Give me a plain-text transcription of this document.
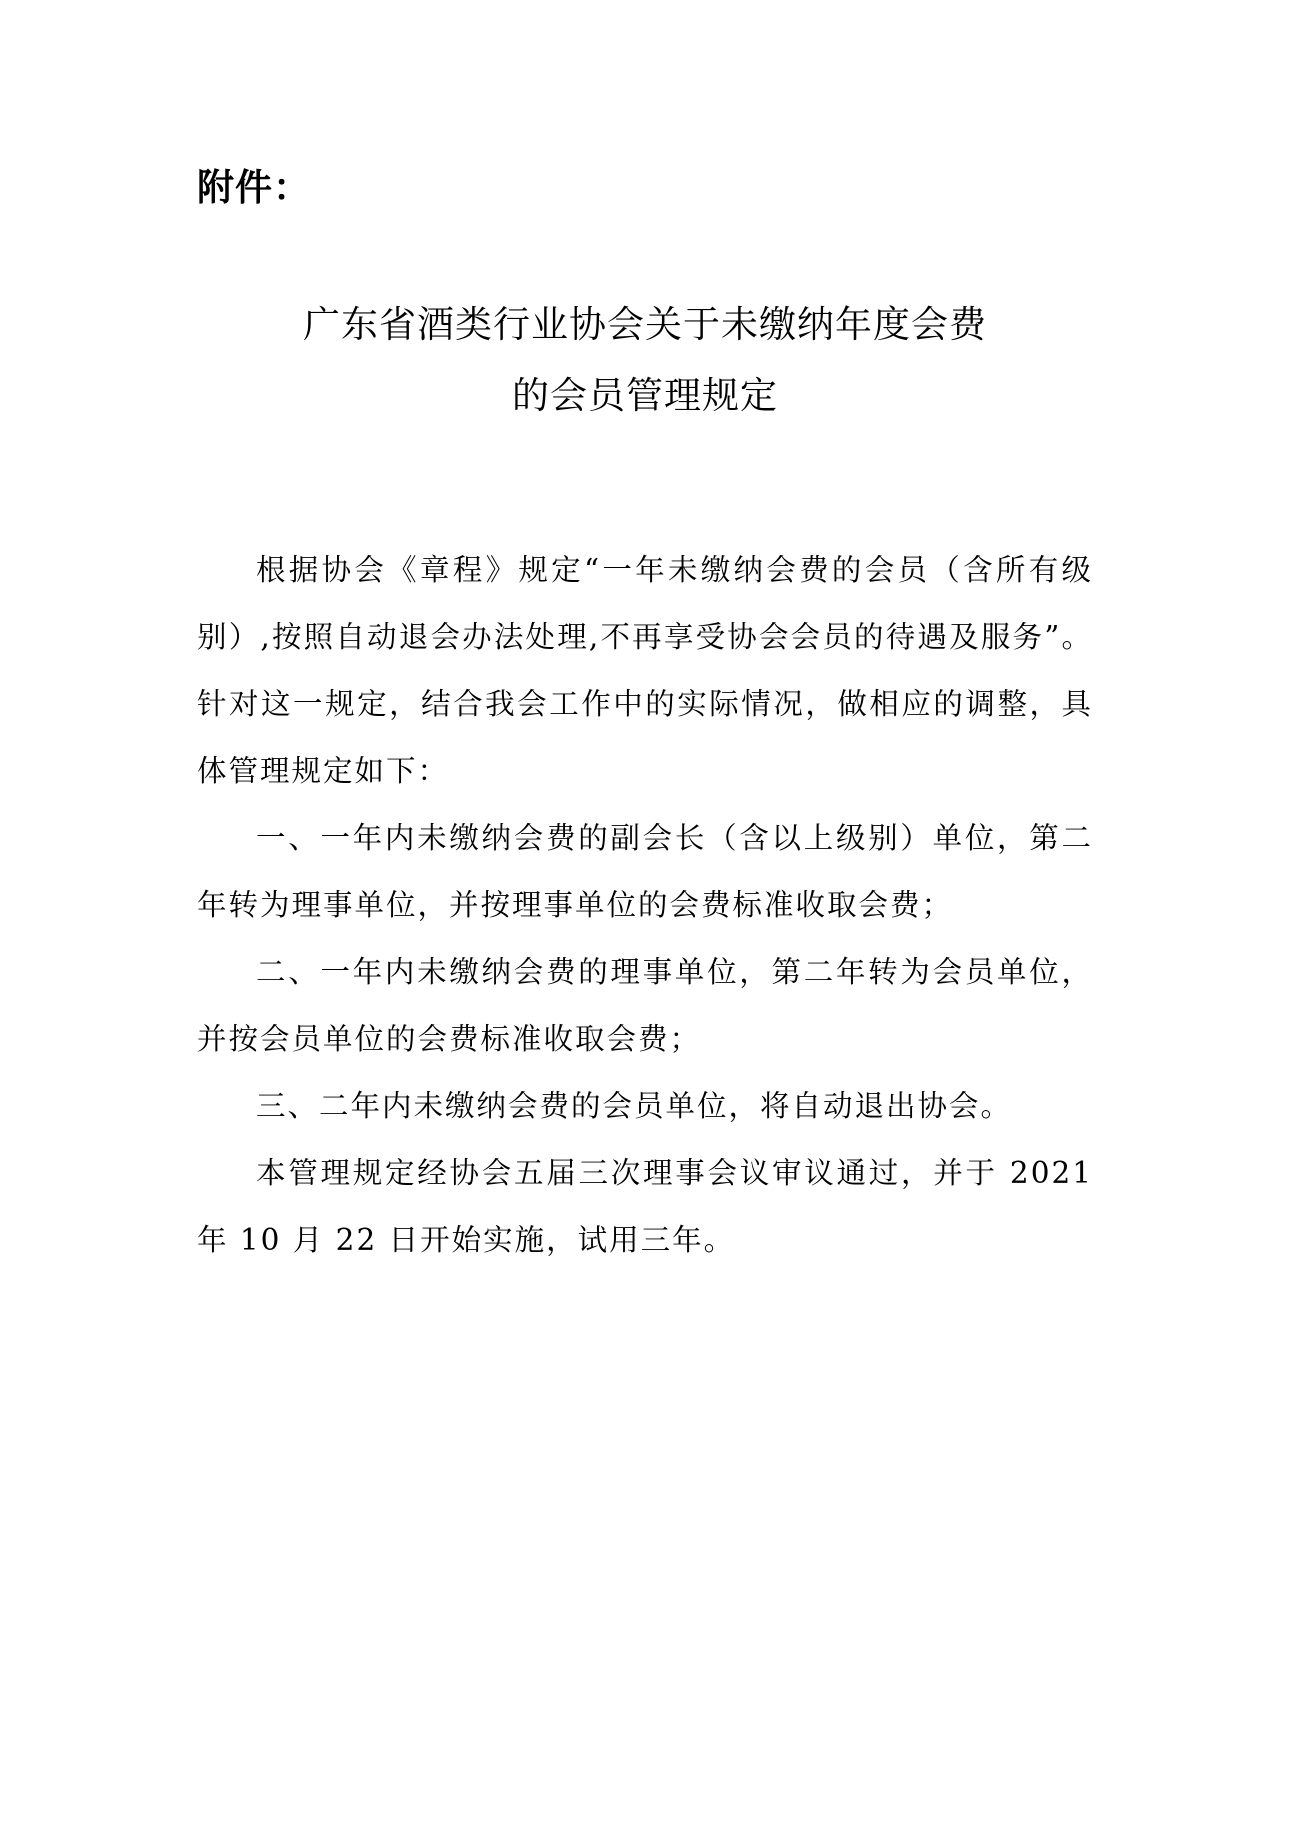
附件：
广东省酒类行业协会关于未缴纳年度会费
的会员管理规定

根据协会《章程》规定“一年未缴纳会费的会员（含所有级别）,按照自动退会办法处理,不再享受协会会员的待遇及服务”。针对这一规定，结合我会工作中的实际情况，做相应的调整，具体管理规定如下：

一、一年内未缴纳会费的副会长（含以上级别）单位，第二年转为理事单位，并按理事单位的会费标准收取会费；

二、一年内未缴纳会费的理事单位，第二年转为会员单位，并按会员单位的会费标准收取会费；

三、二年内未缴纳会费的会员单位，将自动退出协会。

本管理规定经协会五届三次理事会议审议通过，并于 2021 年 10 月 22 日开始实施，试用三年。
